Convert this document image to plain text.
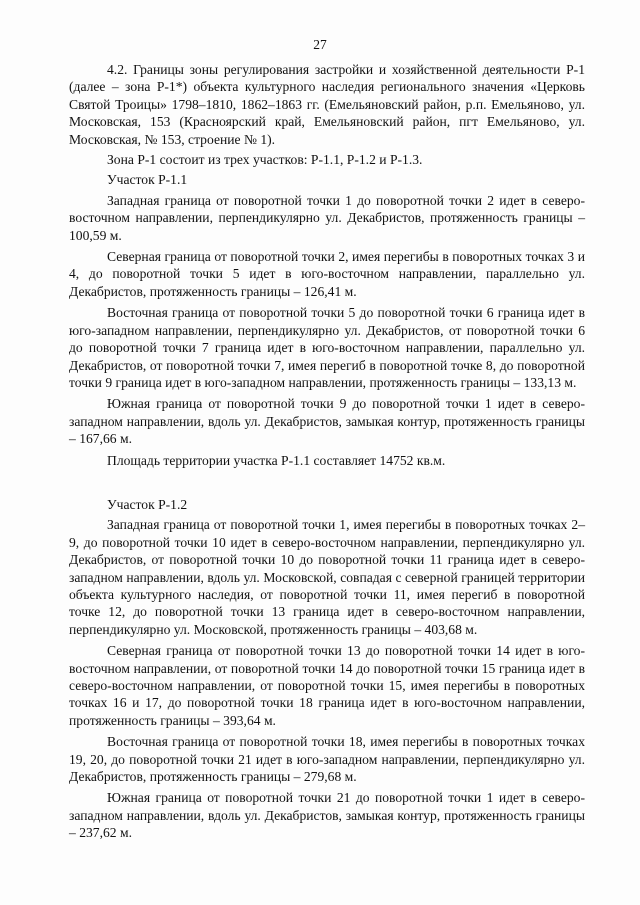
27

4.2. Границы зоны регулирования застройки и хозяйственной деятельности Р-1 (далее – зона Р-1*) объекта культурного наследия регионального значения «Церковь Святой Троицы» 1798–1810, 1862–1863 гг. (Емельяновский район, р.п. Емельяново, ул. Московская, 153 (Красноярский край, Емельяновский район, пгт Емельяново, ул. Московская, № 153, строение № 1).

Зона Р-1 состоит из трех участков: Р-1.1, Р-1.2 и Р-1.3.

Участок Р-1.1

Западная граница от поворотной точки 1 до поворотной точки 2 идет в северо-восточном направлении, перпендикулярно ул. Декабристов, протяженность границы – 100,59 м.

Северная граница от поворотной точки 2, имея перегибы в поворотных точках 3 и 4, до поворотной точки 5 идет в юго-восточном направлении, параллельно ул. Декабристов, протяженность границы – 126,41 м.

Восточная граница от поворотной точки 5 до поворотной точки 6 граница идет в юго-западном направлении, перпендикулярно ул. Декабристов, от поворотной точки 6 до поворотной точки 7 граница идет в юго-восточном направлении, параллельно ул. Декабристов, от поворотной точки 7, имея перегиб в поворотной точке 8, до поворотной точки 9 граница идет в юго-западном направлении, протяженность границы – 133,13 м.

Южная граница от поворотной точки 9 до поворотной точки 1 идет в северо-западном направлении, вдоль ул. Декабристов, замыкая контур, протяженность границы – 167,66 м.

Площадь территории участка Р-1.1 составляет 14752 кв.м.

Участок Р-1.2

Западная граница от поворотной точки 1, имея перегибы в поворотных точках 2–9, до поворотной точки 10 идет в северо-восточном направлении, перпендикулярно ул. Декабристов, от поворотной точки 10 до поворотной точки 11 граница идет в северо-западном направлении, вдоль ул. Московской, совпадая с северной границей территории объекта культурного наследия, от поворотной точки 11, имея перегиб в поворотной точке 12, до поворотной точки 13 граница идет в северо-восточном направлении, перпендикулярно ул. Московской, протяженность границы – 403,68 м.

Северная граница от поворотной точки 13 до поворотной точки 14 идет в юго-восточном направлении, от поворотной точки 14 до поворотной точки 15 граница идет в северо-восточном направлении, от поворотной точки 15, имея перегибы в поворотных точках 16 и 17, до поворотной точки 18 граница идет в юго-восточном направлении, протяженность границы – 393,64 м.

Восточная граница от поворотной точки 18, имея перегибы в поворотных точках 19, 20, до поворотной точки 21 идет в юго-западном направлении, перпендикулярно ул. Декабристов, протяженность границы – 279,68 м.

Южная граница от поворотной точки 21 до поворотной точки 1 идет в северо-западном направлении, вдоль ул. Декабристов, замыкая контур, протяженность границы – 237,62 м.
